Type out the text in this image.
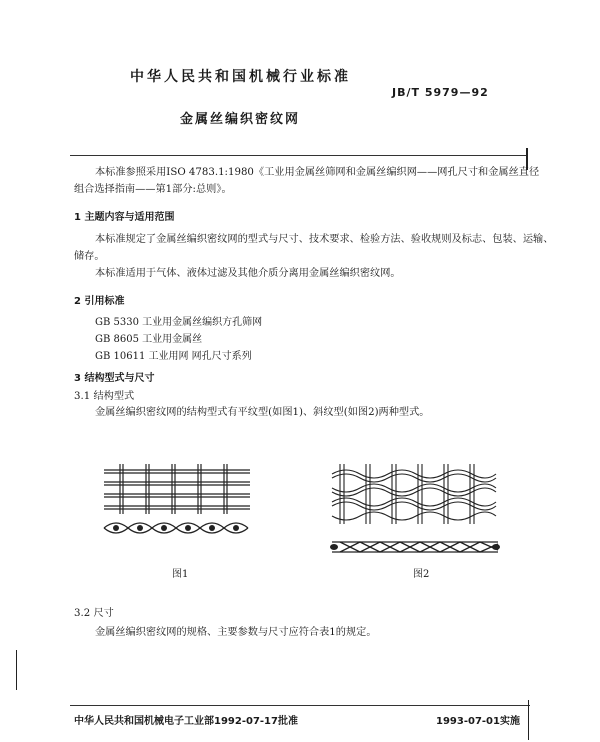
中华人民共和国机械行业标准
JB/T 5979—92
金属丝编织密纹网
本标准参照采用ISO 4783.1:1980《工业用金属丝筛网和金属丝编织网——网孔尺寸和金属丝直径
组合选择指南——第1部分:总则》。
1 主题内容与适用范围
本标准规定了金属丝编织密纹网的型式与尺寸、技术要求、检验方法、验收规则及标志、包装、运输、
储存。
本标准适用于气体、液体过滤及其他介质分离用金属丝编织密纹网。
2 引用标准
GB 5330 工业用金属丝编织方孔筛网
GB 8605 工业用金属丝
GB 10611 工业用网 网孔尺寸系列
3 结构型式与尺寸
3.1 结构型式
金属丝编织密纹网的结构型式有平纹型(如图1)、斜纹型(如图2)两种型式。
图1	图2
3.2 尺寸
金属丝编织密纹网的规格、主要参数与尺寸应符合表1的规定。
中华人民共和国机械电子工业部1992-07-17批准	1993-07-01实施
